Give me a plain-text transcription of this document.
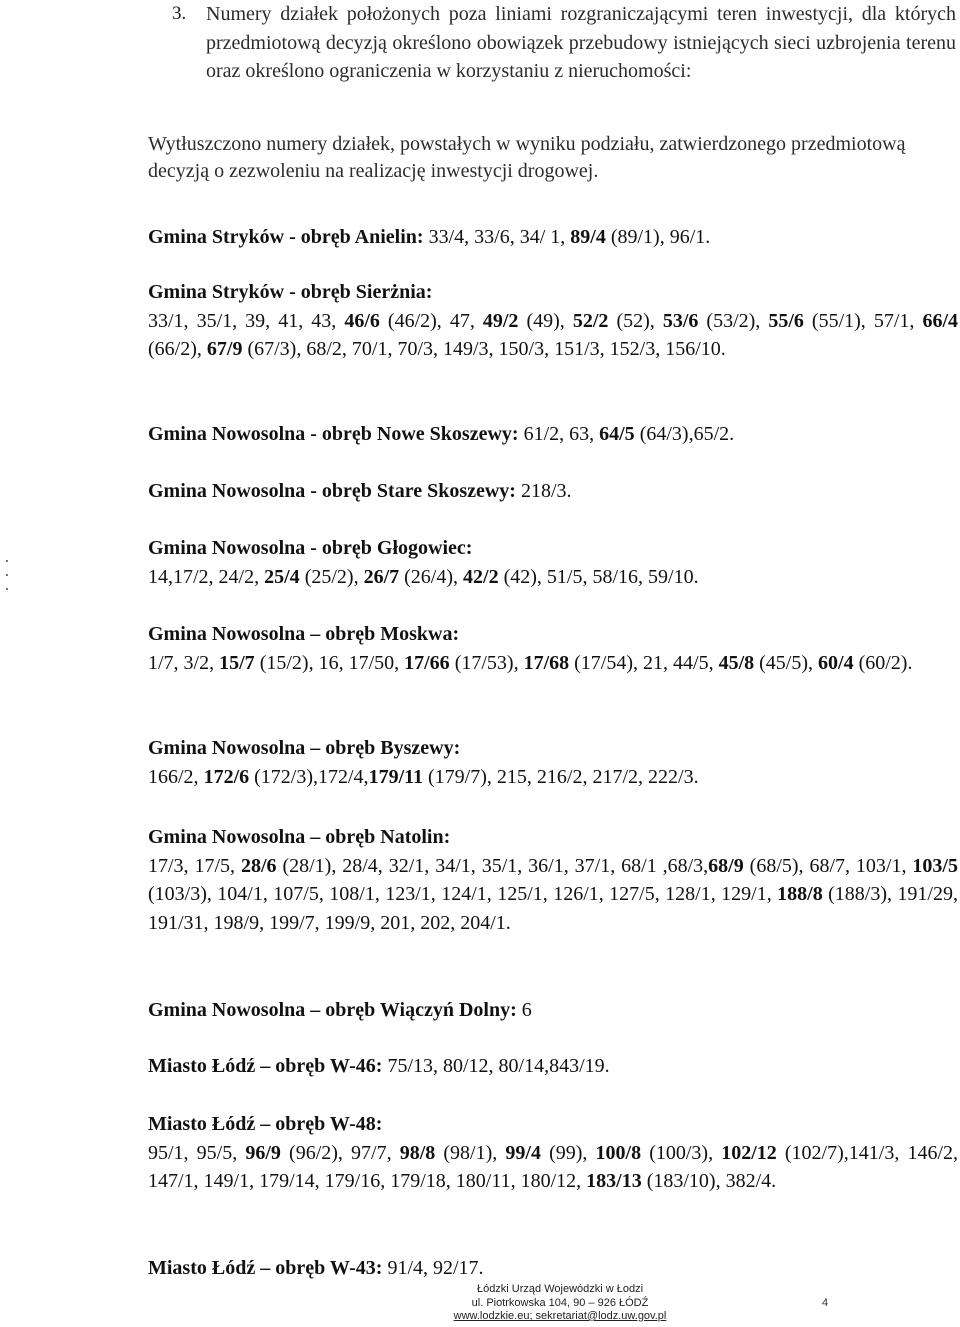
3. Numery działek położonych poza liniami rozgraniczającymi teren inwestycji, dla których przedmiotową decyzją określono obowiązek przebudowy istniejących sieci uzbrojenia terenu oraz określono ograniczenia w korzystaniu z nieruchomości:
Wytłuszczono numery działek, powstałych w wyniku podziału, zatwierdzonego przedmiotową decyzją o zezwoleniu na realizację inwestycji drogowej.
Gmina Stryków - obręb Anielin: 33/4, 33/6, 34/ 1, 89/4 (89/1), 96/1.
Gmina Stryków - obręb Sierżnia:
33/1, 35/1, 39, 41, 43, 46/6 (46/2), 47, 49/2 (49), 52/2 (52), 53/6 (53/2), 55/6 (55/1), 57/1, 66/4 (66/2), 67/9 (67/3), 68/2, 70/1, 70/3, 149/3, 150/3, 151/3, 152/3, 156/10.
Gmina Nowosolna - obręb Nowe Skoszewy: 61/2, 63, 64/5 (64/3),65/2.
Gmina Nowosolna - obręb Stare Skoszewy: 218/3.
Gmina Nowosolna - obręb Głogowiec:
14,17/2, 24/2, 25/4 (25/2), 26/7 (26/4), 42/2 (42), 51/5, 58/16, 59/10.
Gmina Nowosolna – obręb Moskwa:
1/7, 3/2, 15/7 (15/2), 16, 17/50, 17/66 (17/53), 17/68 (17/54), 21, 44/5, 45/8 (45/5), 60/4 (60/2).
Gmina Nowosolna – obręb Byszewy:
166/2, 172/6 (172/3),172/4,179/11 (179/7), 215, 216/2, 217/2, 222/3.
Gmina Nowosolna – obręb Natolin:
17/3, 17/5, 28/6 (28/1), 28/4, 32/1, 34/1, 35/1, 36/1, 37/1, 68/1 ,68/3,68/9 (68/5), 68/7, 103/1, 103/5 (103/3), 104/1, 107/5, 108/1, 123/1, 124/1, 125/1, 126/1, 127/5, 128/1, 129/1, 188/8 (188/3), 191/29, 191/31, 198/9, 199/7, 199/9, 201, 202, 204/1.
Gmina Nowosolna – obręb Wiączyń Dolny: 6
Miasto Łódź – obręb W-46: 75/13, 80/12, 80/14,843/19.
Miasto Łódź – obręb W-48:
95/1, 95/5, 96/9 (96/2), 97/7, 98/8 (98/1), 99/4 (99), 100/8 (100/3), 102/12 (102/7),141/3, 146/2, 147/1, 149/1, 179/14, 179/16, 179/18, 180/11, 180/12, 183/13 (183/10), 382/4.
Miasto Łódź – obręb W-43: 91/4, 92/17.
Łódzki Urząd Wojewódzki w Łodzi
ul. Piotrkowska 104, 90 – 926 ŁÓDŹ
www.lodzkie.eu; sekretariat@lodz.uw.gov.pl
4
